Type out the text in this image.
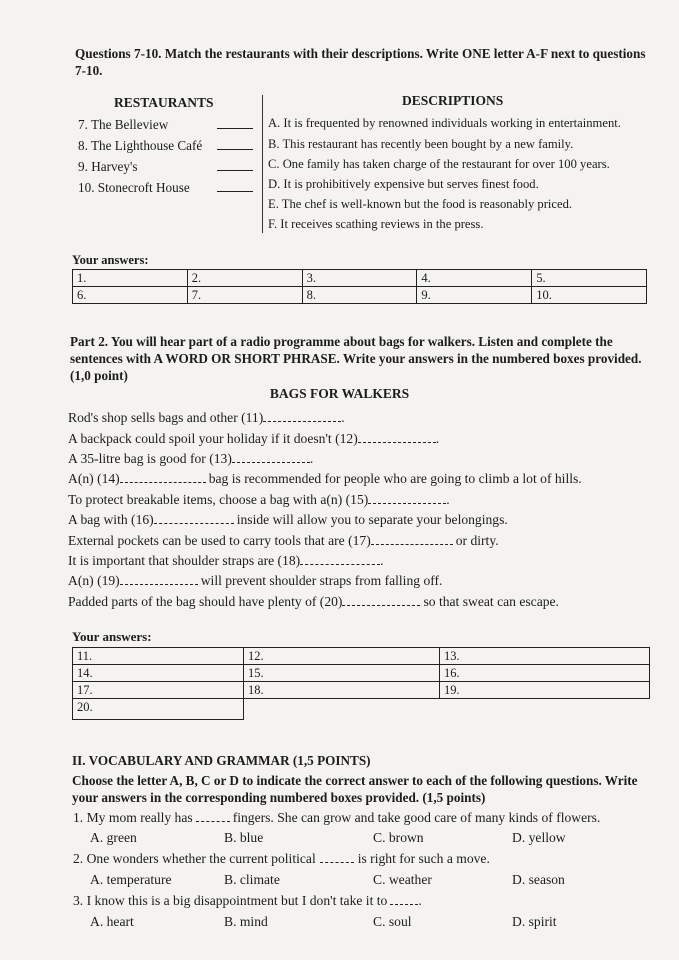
Questions 7-10. Match the restaurants with their descriptions. Write ONE letter A-F next to questions 7-10.
RESTAURANTS
7. The Belleview
8. The Lighthouse Café
9. Harvey's
10. Stonecroft House
DESCRIPTIONS
A. It is frequented by renowned individuals working in entertainment.
B. This restaurant has recently been bought by a new family.
C. One family has taken charge of the restaurant for over 100 years.
D. It is prohibitively expensive but serves finest food.
E. The chef is well-known but the food is reasonably priced.
F. It receives scathing reviews in the press.
Your answers:
1.	2.	3.	4.	5.
6.	7.	8.	9.	10.
Part 2. You will hear part of a radio programme about bags for walkers. Listen and complete the sentences with A WORD OR SHORT PHRASE. Write your answers in the numbered boxes provided. (1,0 point)
BAGS FOR WALKERS
Rod's shop sells bags and other (11)	.
A backpack could spoil your holiday if it doesn't (12)	.
A 35-litre bag is good for (13)	.
A(n) (14)	bag is recommended for people who are going to climb a lot of hills.
To protect breakable items, choose a bag with a(n) (15)	.
A bag with (16)	inside will allow you to separate your belongings.
External pockets can be used to carry tools that are (17)	or dirty.
It is important that shoulder straps are (18)	.
A(n) (19)	will prevent shoulder straps from falling off.
Padded parts of the bag should have plenty of (20)	so that sweat can escape.
Your answers:
11.	12.	13.
14.	15.	16.
17.	18.	19.
20.		
II. VOCABULARY AND GRAMMAR (1,5 POINTS)
Choose the letter A, B, C or D to indicate the correct answer to each of the following questions. Write your answers in the corresponding numbered boxes provided. (1,5 points)
1. My mom really has	fingers. She can grow and take good care of many kinds of flowers.
A. green	B. blue	C. brown	D. yellow
2. One wonders whether the current political	is right for such a move.
A. temperature	B. climate	C. weather	D. season
3. I know this is a big disappointment but I don't take it to .
A. heart	B. mind	C. soul	D. spirit
